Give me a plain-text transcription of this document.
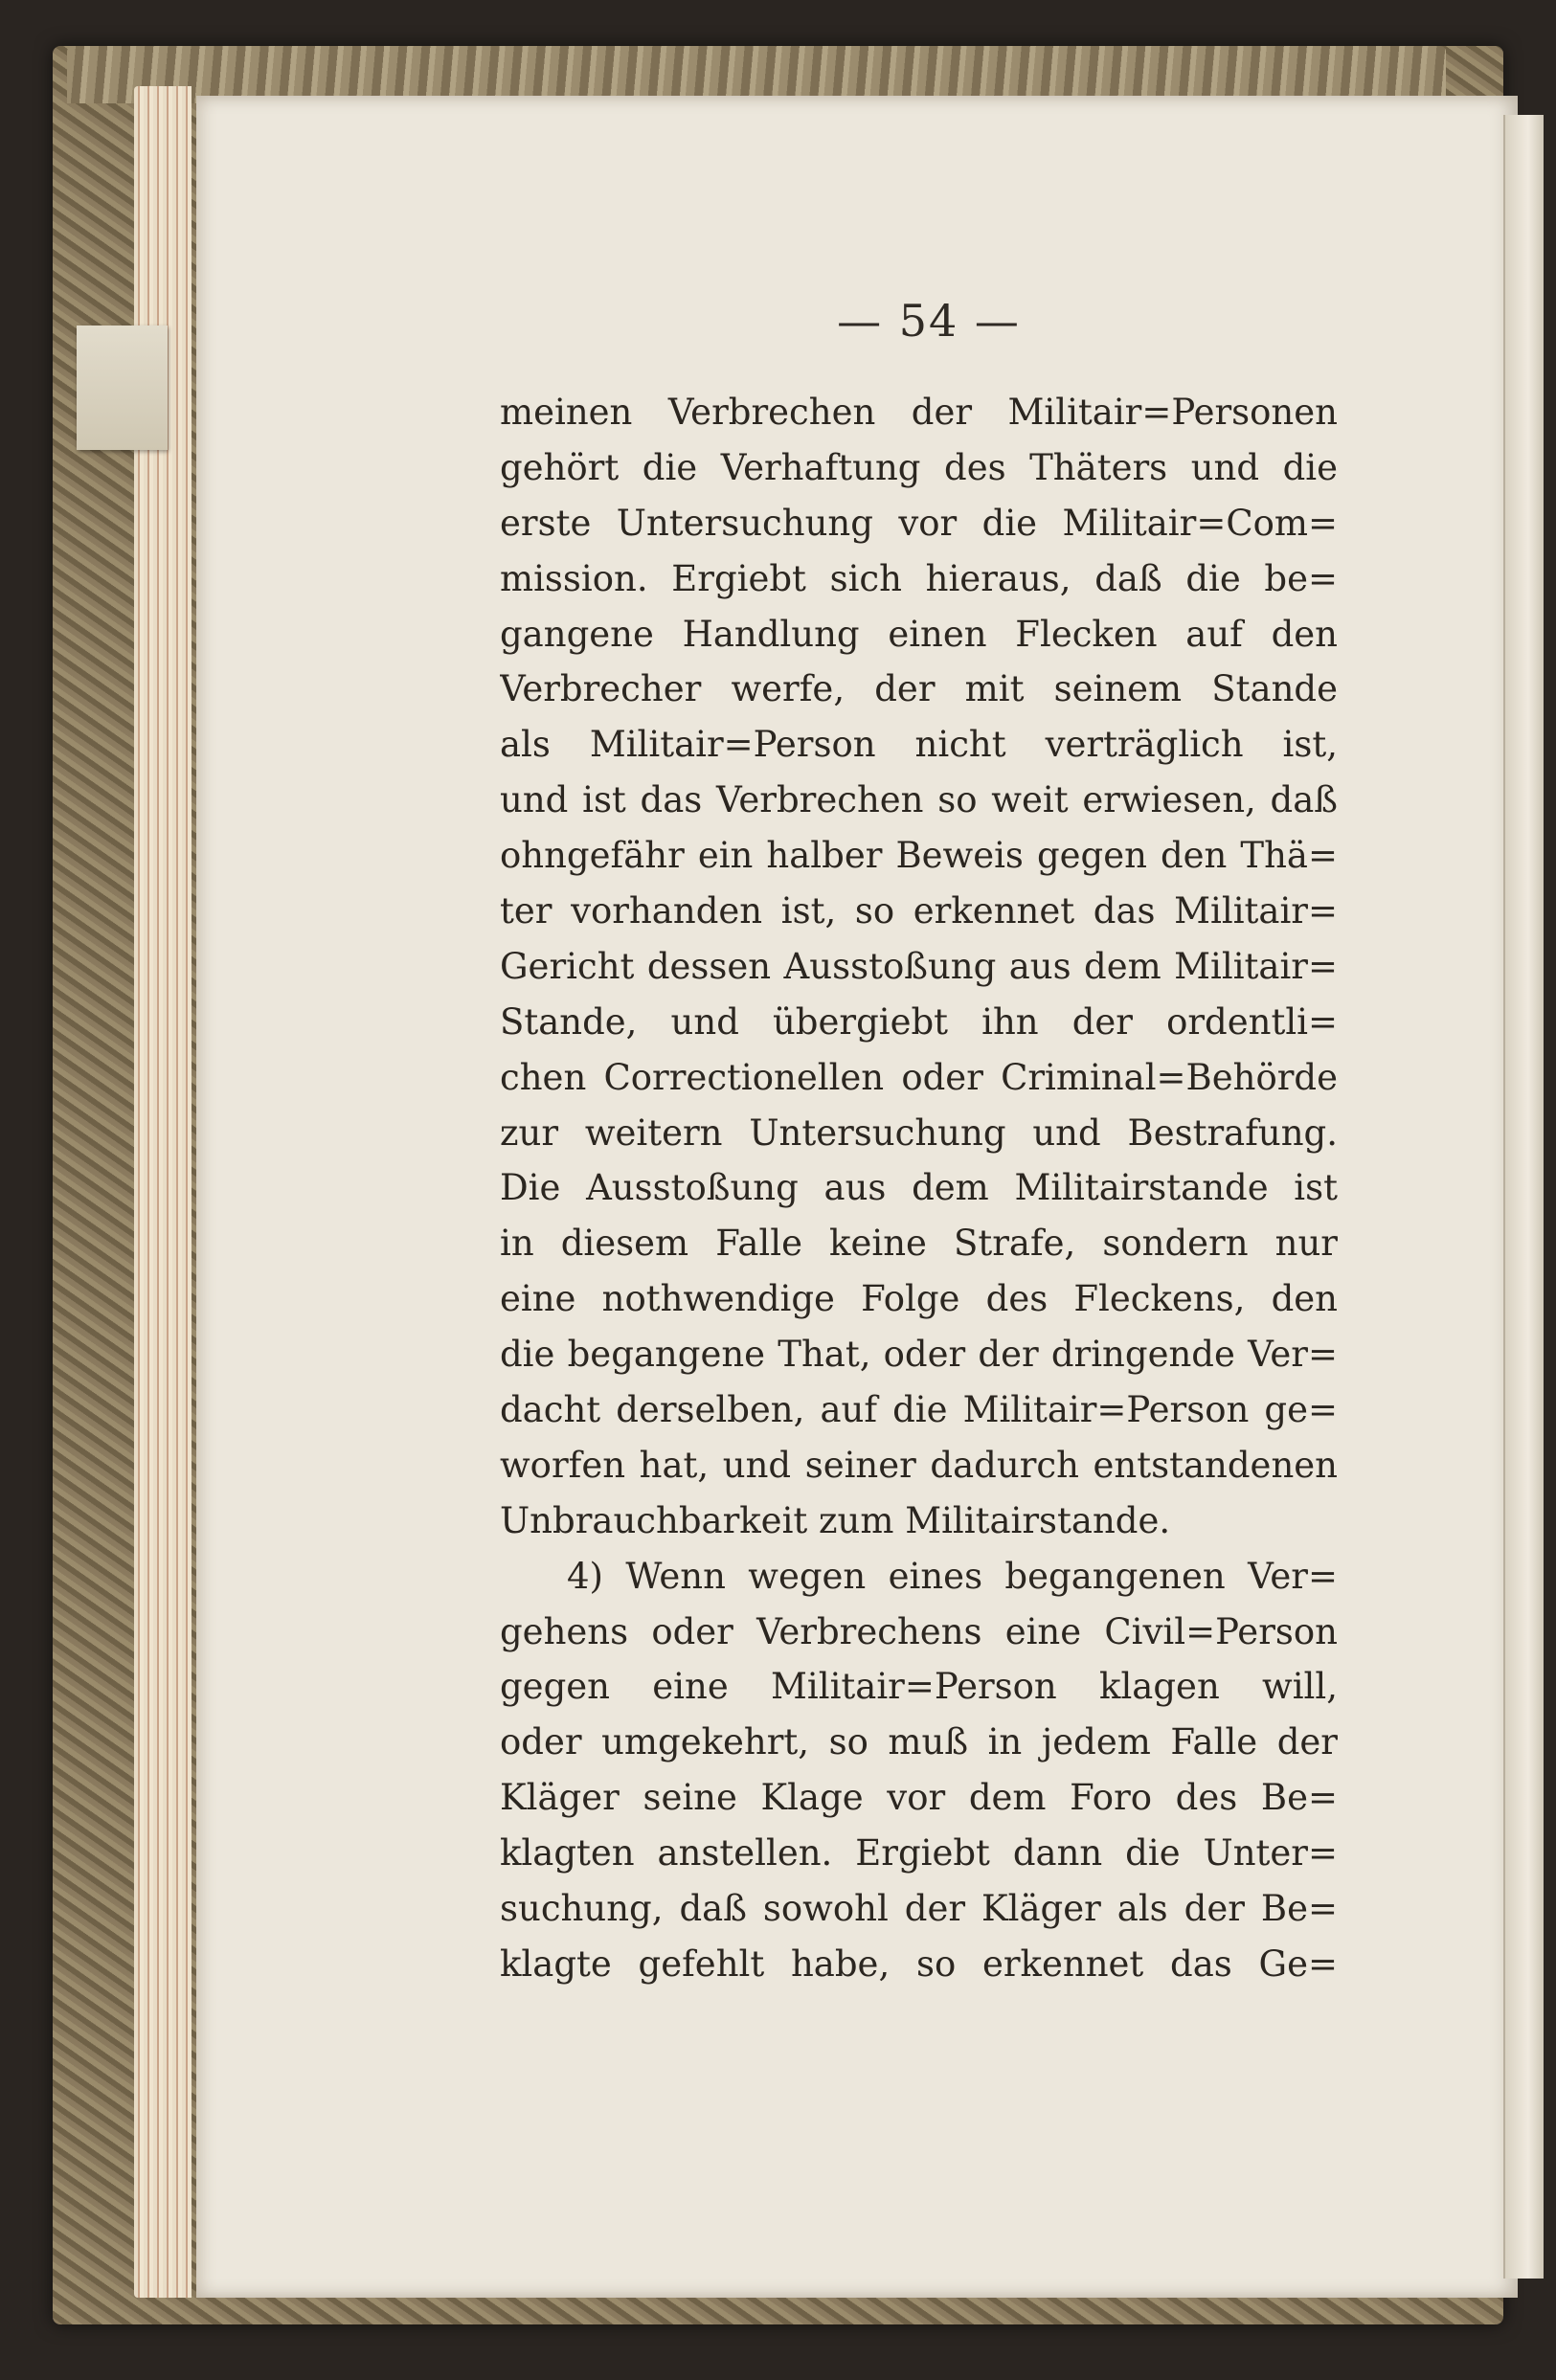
— 54 —
meinen Verbrechen der Militair=Personen
gehört die Verhaftung des Thäters und die
erste Untersuchung vor die Militair=Com=
mission. Ergiebt sich hieraus, daß die be=
gangene Handlung einen Flecken auf den
Verbrecher werfe, der mit seinem Stande
als Militair=Person nicht verträglich ist,
und ist das Verbrechen so weit erwiesen, daß
ohngefähr ein halber Beweis gegen den Thä=
ter vorhanden ist, so erkennet das Militair=
Gericht dessen Ausstoßung aus dem Militair=
Stande, und übergiebt ihn der ordentli=
chen Correctionellen oder Criminal=Behörde
zur weitern Untersuchung und Bestrafung.
Die Ausstoßung aus dem Militairstande ist
in diesem Falle keine Strafe, sondern nur
eine nothwendige Folge des Fleckens, den
die begangene That, oder der dringende Ver=
dacht derselben, auf die Militair=Person ge=
worfen hat, und seiner dadurch entstandenen
Unbrauchbarkeit zum Militairstande.
4) Wenn wegen eines begangenen Ver=
gehens oder Verbrechens eine Civil=Person
gegen eine Militair=Person klagen will,
oder umgekehrt, so muß in jedem Falle der
Kläger seine Klage vor dem Foro des Be=
klagten anstellen. Ergiebt dann die Unter=
suchung, daß sowohl der Kläger als der Be=
klagte gefehlt habe, so erkennet das Ge=
